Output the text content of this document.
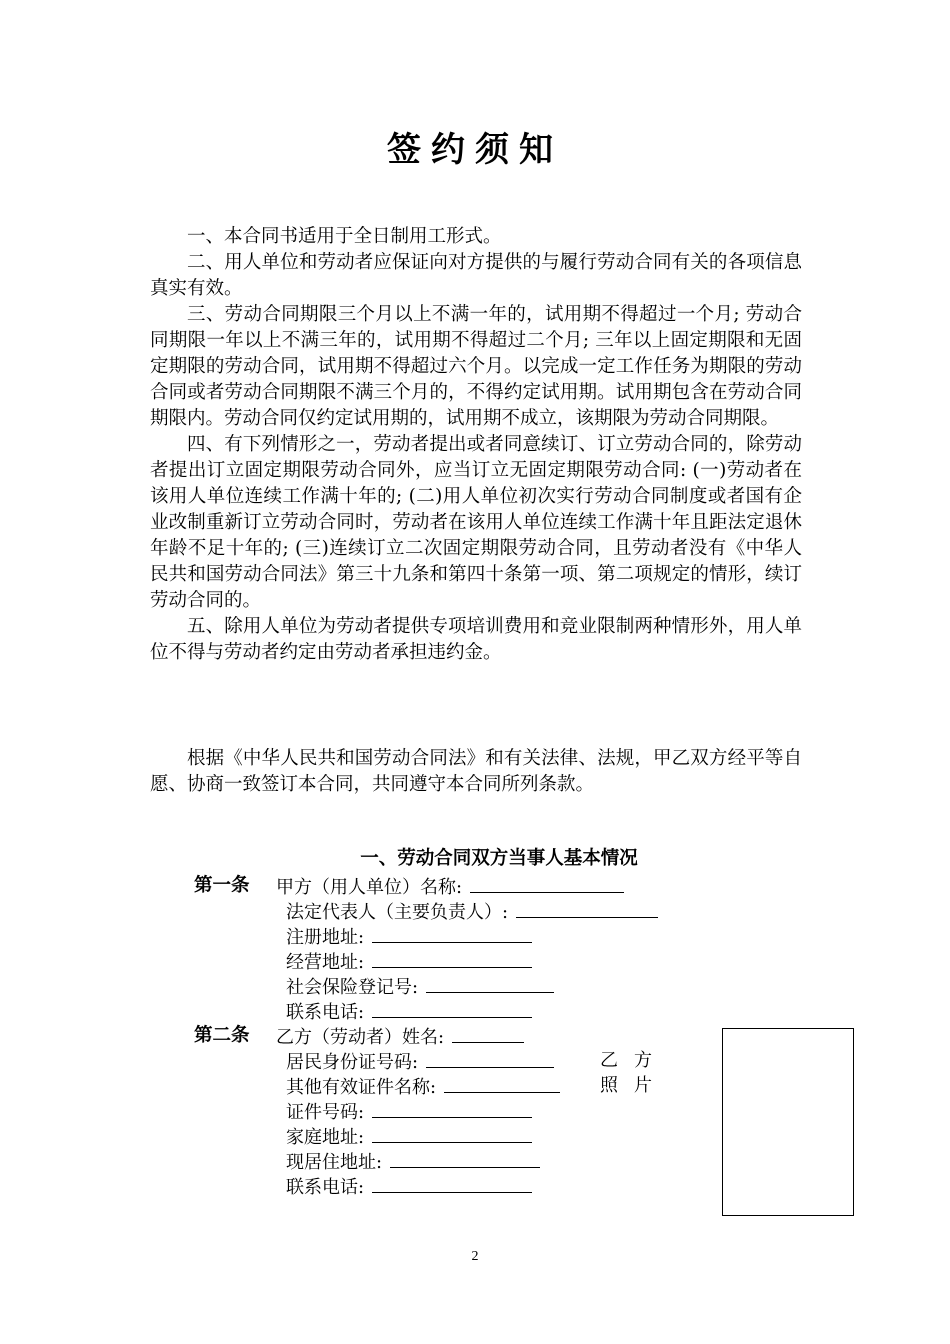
签约须知

一、本合同书适用于全日制用工形式。

二、用人单位和劳动者应保证向对方提供的与履行劳动合同有关的各项信息真实有效。

三、劳动合同期限三个月以上不满一年的，试用期不得超过一个月; 劳动合同期限一年以上不满三年的，试用期不得超过二个月; 三年以上固定期限和无固定期限的劳动合同，试用期不得超过六个月。以完成一定工作任务为期限的劳动合同或者劳动合同期限不满三个月的，不得约定试用期。试用期包含在劳动合同期限内。劳动合同仅约定试用期的，试用期不成立，该期限为劳动合同期限。

四、有下列情形之一，劳动者提出或者同意续订、订立劳动合同的，除劳动者提出订立固定期限劳动合同外，应当订立无固定期限劳动合同: (一)劳动者在该用人单位连续工作满十年的; (二)用人单位初次实行劳动合同制度或者国有企业改制重新订立劳动合同时，劳动者在该用人单位连续工作满十年且距法定退休年龄不足十年的; (三)连续订立二次固定期限劳动合同，且劳动者没有《中华人民共和国劳动合同法》第三十九条和第四十条第一项、第二项规定的情形，续订劳动合同的。

五、除用人单位为劳动者提供专项培训费用和竞业限制两种情形外，用人单位不得与劳动者约定由劳动者承担违约金。

根据《中华人民共和国劳动合同法》和有关法律、法规，甲乙双方经平等自愿、协商一致签订本合同，共同遵守本合同所列条款。

一、劳动合同双方当事人基本情况
第一条 甲方（用人单位）名称:
法定代表人（主要负责人）:
注册地址:
经营地址:
社会保险登记号:
联系电话:
第二条 乙方（劳动者）姓名:
居民身份证号码:
其他有效证件名称:
证件号码:
家庭地址:
现居住地址:
联系电话:
乙方
照片
2
